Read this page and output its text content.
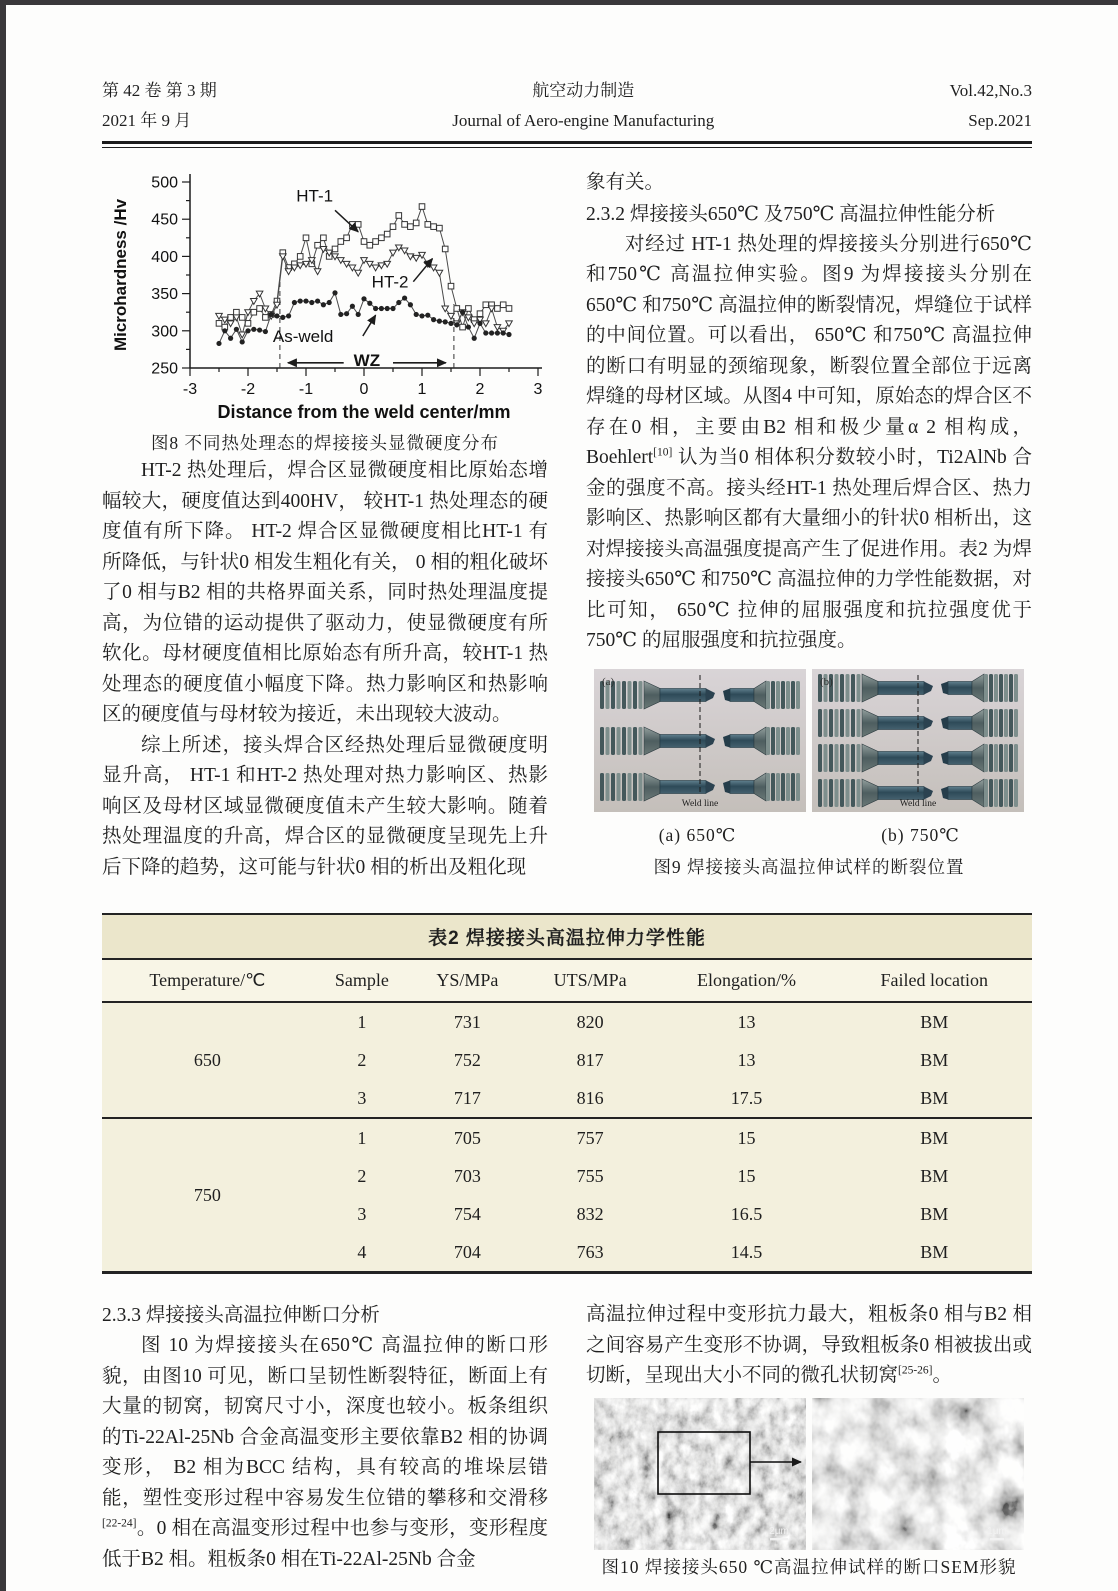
第 42 卷 第 3 期
2021 年 9 月
航空动力制造
Journal of Aero-engine Manufacturing
Vol.42,No.3
Sep.2021
250
300
350
400
450
500
-3	-2	-1	0	1	2	3
Microhardness /Hv
Distance from the weld center/mm
WZ
HT-1
HT-2
As-weld
图8 不同热处理态的焊接接头显微硬度分布

HT-2 热处理后，焊合区显微硬度相比原始态增幅较大，硬度值达到400HV， 较HT-1 热处理态的硬度值有所下降。 HT-2 焊合区显微硬度相比HT-1 有所降低，与针状0 相发生粗化有关， 0 相的粗化破坏了0 相与B2 相的共格界面关系，同时热处理温度提高，为位错的运动提供了驱动力，使显微硬度有所软化。母材硬度值相比原始态有所升高，较HT-1 热处理态的硬度值小幅度下降。热力影响区和热影响区的硬度值与母材较为接近，未出现较大波动。

综上所述，接头焊合区经热处理后显微硬度明显升高， HT-1 和HT-2 热处理对热力影响区、热影响区及母材区域显微硬度值未产生较大影响。随着热处理温度的升高，焊合区的显微硬度呈现先上升后下降的趋势，这可能与针状0 相的析出及粗化现

象有关。

2.3.2 焊接接头650℃ 及750℃ 高温拉伸性能分析

对经过 HT-1 热处理的焊接接头分别进行650℃ 和750℃ 高温拉伸实验。图9 为焊接接头分别在650℃ 和750℃ 高温拉伸的断裂情况，焊缝位于试样的中间位置。可以看出， 650℃ 和750℃ 高温拉伸的断口有明显的颈缩现象，断裂位置全部位于远离焊缝的母材区域。从图4 中可知，原始态的焊合区不存在0 相，主要由B2 相和极少量α 2 相构成， Boehlert[10] 认为当0 相体积分数较小时，Ti2AlNb 合金的强度不高。接头经HT-1 热处理后焊合区、热力影响区、热影响区都有大量细小的针状0 相析出，这对焊接接头高温强度提高产生了促进作用。表2 为焊接接头650℃ 和750℃ 高温拉伸的力学性能数据，对比可知， 650℃ 拉伸的屈服强度和抗拉强度优于750℃ 的屈服强度和抗拉强度。

Weld line
(a)
Weld line
(b)
(a) 650℃	(b) 750℃
图9 焊接接头高温拉伸试样的断裂位置
表2 焊接接头高温拉伸力学性能					
Temperature/℃	Sample	YS/MPa	UTS/MPa	Elongation/%	Failed location
650	1	731	820	13	BM
	2	752	817	13	BM
	3	717	816	17.5	BM
750	1	705	757	15	BM
	2	703	755	15	BM
	3	754	832	16.5	BM
	4	704	763	14.5	BM

2.3.3 焊接接头高温拉伸断口分析

图 10 为焊接接头在650℃ 高温拉伸的断口形貌，由图10 可见，断口呈韧性断裂特征，断面上有大量的韧窝，韧窝尺寸小，深度也较小。板条组织的Ti-22Al-25Nb 合金高温变形主要依靠B2 相的协调变形， B2 相为BCC 结构，具有较高的堆垛层错能，塑性变形过程中容易发生位错的攀移和交滑移[22-24]。0 相在高温变形过程中也参与变形，变形程度低于B2 相。粗板条0 相在Ti-22Al-25Nb 合金

高温拉伸过程中变形抗力最大，粗板条0 相与B2 相之间容易产生变形不协调，导致粗板条0 相被拔出或切断，呈现出大小不同的微孔状韧窝[25-26]。

2μm	1μm
图10 焊接接头650 ℃高温拉伸试样的断口SEM形貌
